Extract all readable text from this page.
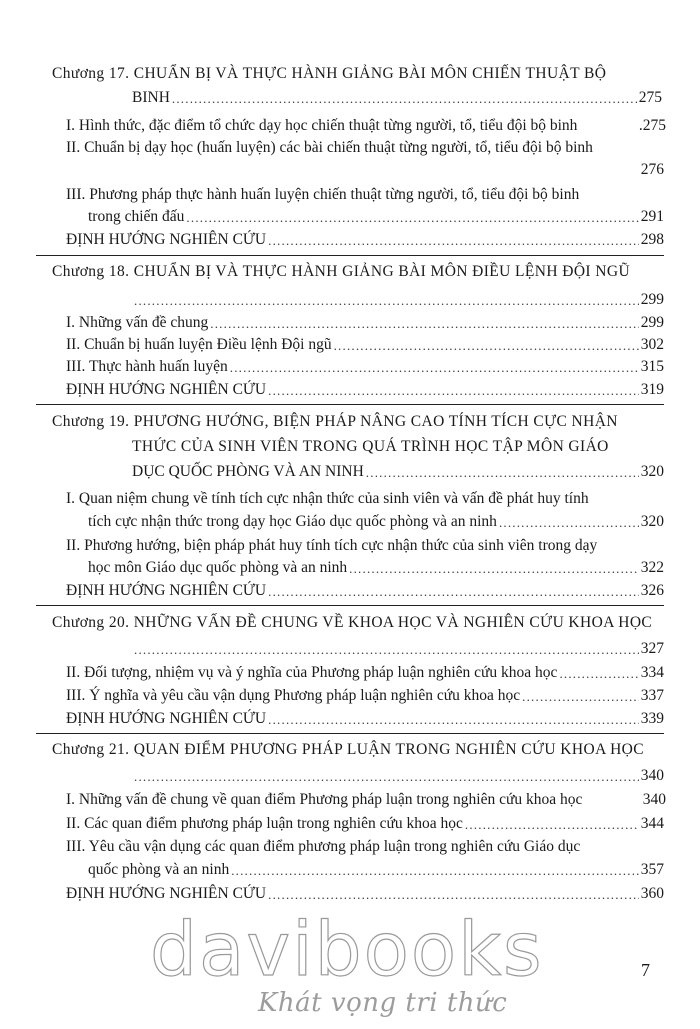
Chương 17. CHUẨN BỊ VÀ THỰC HÀNH GIẢNG BÀI MÔN CHIẾN THUẬT BỘ
BINH .....	275
I. Hình thức, đặc điểm tổ chức dạy học chiến thuật từng người, tổ, tiểu đội bộ binh	.275
II. Chuẩn bị dạy học (huấn luyện) các bài chiến thuật từng người, tổ, tiểu đội bộ binh
276
III. Phương pháp thực hành huấn luyện chiến thuật từng người, tổ, tiểu đội bộ binh
trong chiến đấu .....	291
ĐỊNH HƯỚNG NGHIÊN CỨU .....	298
Chương 18. CHUẨN BỊ VÀ THỰC HÀNH GIẢNG BÀI MÔN ĐIỀU LỆNH ĐỘI NGŨ
.....
299
I. Những vấn đề chung .....	299
II. Chuẩn bị huấn luyện Điều lệnh Đội ngũ .....	302
III. Thực hành huấn luyện .....	315
ĐỊNH HƯỚNG NGHIÊN CỨU .....	319
Chương 19. PHƯƠNG HƯỚNG, BIỆN PHÁP NÂNG CAO TÍNH TÍCH CỰC NHẬN
THỨC CỦA SINH VIÊN TRONG QUÁ TRÌNH HỌC TẬP MÔN GIÁO
DỤC QUỐC PHÒNG VÀ AN NINH .....	320
I. Quan niệm chung về tính tích cực nhận thức của sinh viên và vấn đề phát huy tính
tích cực nhận thức trong dạy học Giáo dục quốc phòng và an ninh .....	320
II. Phương hướng, biện pháp phát huy tính tích cực nhận thức của sinh viên trong dạy
học môn Giáo dục quốc phòng và an ninh .....	322
ĐỊNH HƯỚNG NGHIÊN CỨU .....	326
Chương 20. NHỮNG VẤN ĐỀ CHUNG VỀ KHOA HỌC VÀ NGHIÊN CỨU KHOA HỌC
.....
327
II. Đối tượng, nhiệm vụ và ý nghĩa của Phương pháp luận nghiên cứu khoa học .....	334
III. Ý nghĩa và yêu cầu vận dụng Phương pháp luận nghiên cứu khoa học .....	337
ĐỊNH HƯỚNG NGHIÊN CỨU .....	339
Chương 21. QUAN ĐIỂM PHƯƠNG PHÁP LUẬN TRONG NGHIÊN CỨU KHOA HỌC
.....
340
I. Những vấn đề chung về quan điểm Phương pháp luận trong nghiên cứu khoa học	340
II. Các quan điểm phương pháp luận trong nghiên cứu khoa học .....	344
III. Yêu cầu vận dụng các quan điểm phương pháp luận trong nghiên cứu Giáo dục
quốc phòng và an ninh .....	357
ĐỊNH HƯỚNG NGHIÊN CỨU .....	360
davibooks
Khát vọng tri thức
7
